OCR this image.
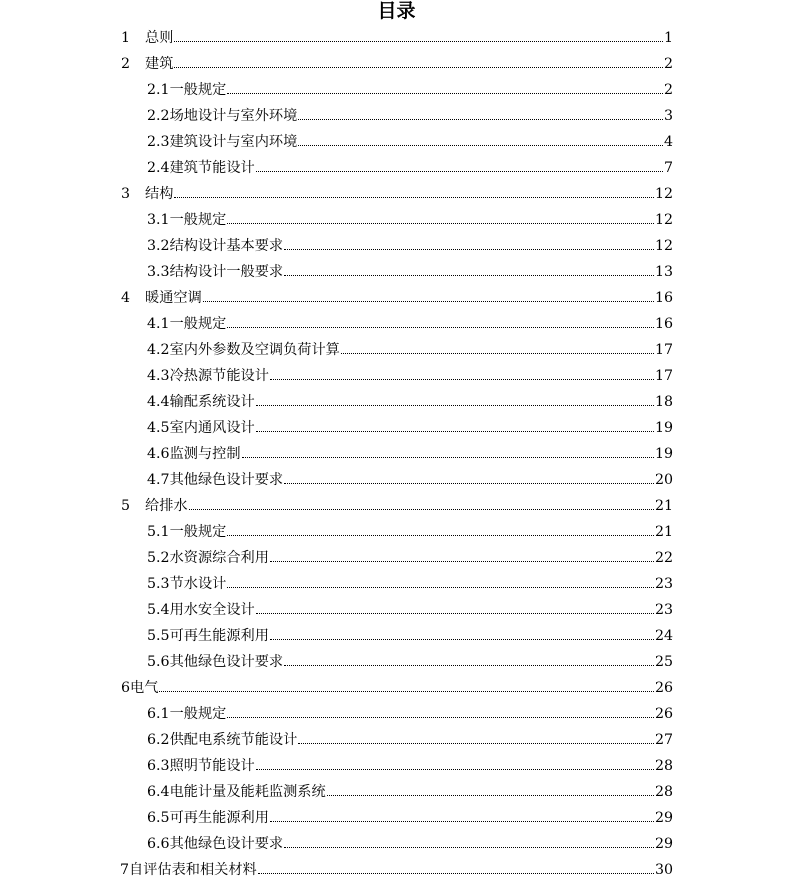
目录
1	总则	1
2	建筑	2
2.1 一般规定	2
2.2 场地设计与室外环境	3
2.3 建筑设计与室内环境	4
2.4 建筑节能设计	7
3	结构	12
3.1 一般规定	12
3.2 结构设计基本要求	12
3.3 结构设计一般要求	13
4	暖通空调	16
4.1 一般规定	16
4.2 室内外参数及空调负荷计算	17
4.3 冷热源节能设计	17
4.4 输配系统设计	18
4.5 室内通风设计	19
4.6 监测与控制	19
4.7 其他绿色设计要求	20
5	给排水	21
5.1 一般规定	21
5.2 水资源综合利用	22
5.3 节水设计	23
5.4 用水安全设计	23
5.5 可再生能源利用	24
5.6 其他绿色设计要求	25
6 电气	26
6.1 一般规定	26
6.2 供配电系统节能设计	27
6.3 照明节能设计	28
6.4 电能计量及能耗监测系统	28
6.5 可再生能源利用	29
6.6 其他绿色设计要求	29
7 自评估表和相关材料	30
